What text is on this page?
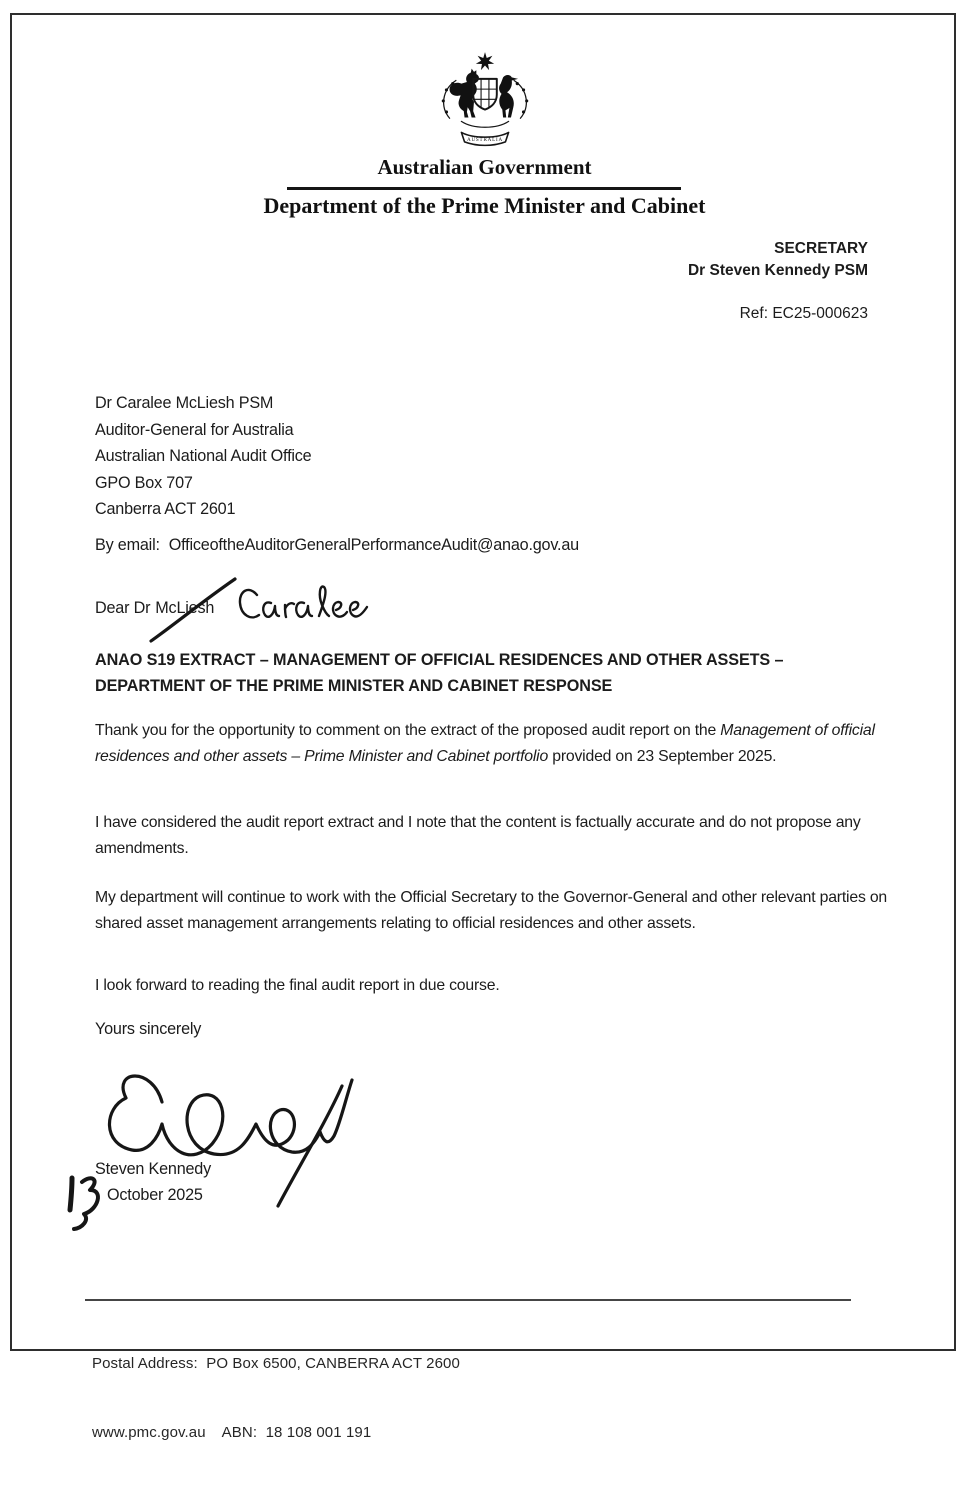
AUSTRALIA
Australian Government
Department of the Prime Minister and Cabinet
SECRETARY
Dr Steven Kennedy PSM
Ref: EC25-000623
Dr Caralee McLiesh PSM
Auditor-General for Australia
Australian National Audit Office
GPO Box 707
Canberra ACT 2601
By email: OfficeoftheAuditorGeneralPerformanceAudit@anao.gov.au
Dear Dr McLiesh
ANAO S19 EXTRACT – MANAGEMENT OF OFFICIAL RESIDENCES AND OTHER ASSETS –
DEPARTMENT OF THE PRIME MINISTER AND CABINET RESPONSE

Thank you for the opportunity to comment on the extract of the proposed audit report on the Management of official residences and other assets – Prime Minister and Cabinet portfolio provided on 23 September 2025.

I have considered the audit report extract and I note that the content is factually accurate and do not propose any amendments.

My department will continue to work with the Official Secretary to the Governor-General and other relevant parties on shared asset management arrangements relating to official residences and other assets.

I look forward to reading the final audit report in due course.

Yours sincerely
Steven Kennedy
October 2025

Postal Address:  PO Box 6500, CANBERRA ACT 2600

www.pmc.gov.au ABN:  18 108 001 191
